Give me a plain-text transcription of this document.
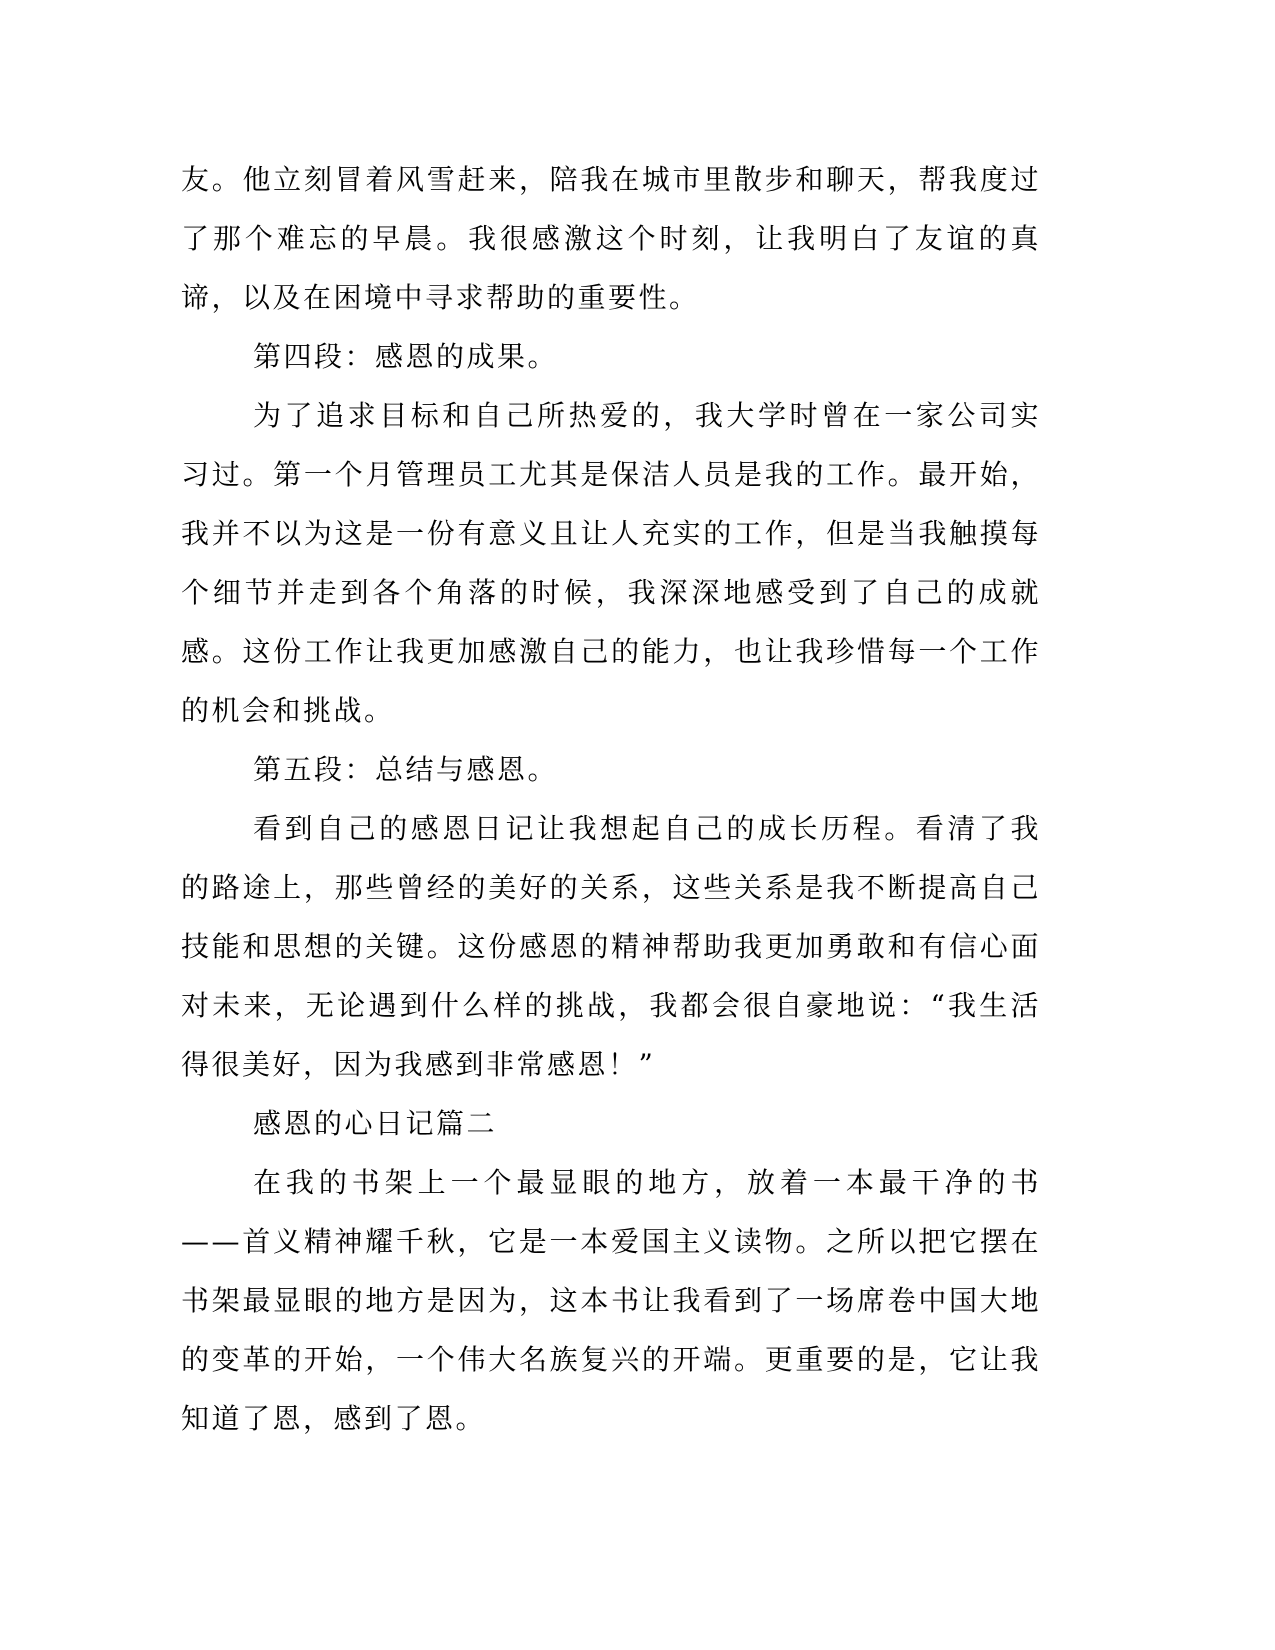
友。他立刻冒着风雪赶来，陪我在城市里散步和聊天，帮我度过了那个难忘的早晨。我很感激这个时刻，让我明白了友谊的真谛，以及在困境中寻求帮助的重要性。

第四段：感恩的成果。

为了追求目标和自己所热爱的，我大学时曾在一家公司实习过。第一个月管理员工尤其是保洁人员是我的工作。最开始，我并不以为这是一份有意义且让人充实的工作，但是当我触摸每个细节并走到各个角落的时候，我深深地感受到了自己的成就感。这份工作让我更加感激自己的能力，也让我珍惜每一个工作的机会和挑战。

第五段：总结与感恩。

看到自己的感恩日记让我想起自己的成长历程。看清了我的路途上，那些曾经的美好的关系，这些关系是我不断提高自己技能和思想的关键。这份感恩的精神帮助我更加勇敢和有信心面对未来，无论遇到什么样的挑战，我都会很自豪地说：“我生活得很美好，因为我感到非常感恩！”

感恩的心日记篇二

在我的书架上一个最显眼的地方，放着一本最干净的书——首义精神耀千秋，它是一本爱国主义读物。之所以把它摆在书架最显眼的地方是因为，这本书让我看到了一场席卷中国大地的变革的开始，一个伟大名族复兴的开端。更重要的是，它让我知道了恩，感到了恩。
